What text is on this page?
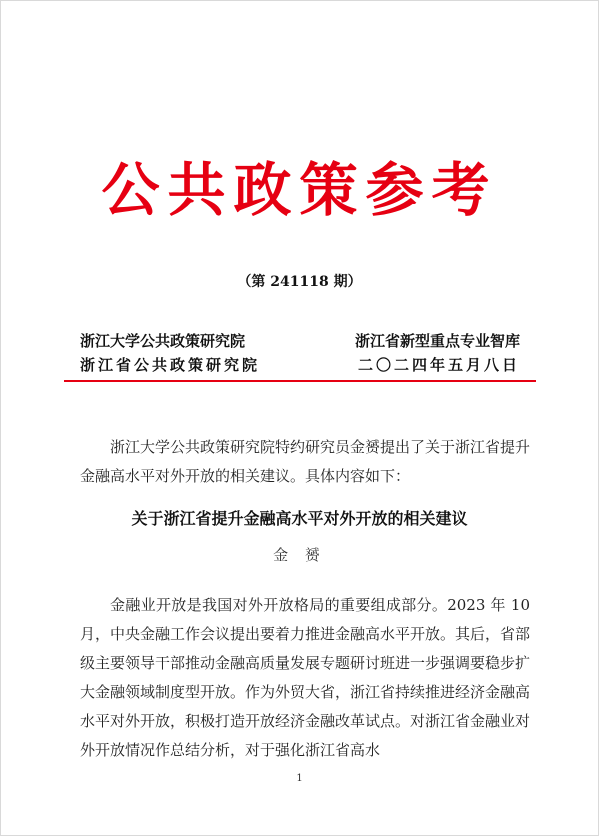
公共政策参考
（第 241118 期）
浙江大学公共政策研究院	浙江省新型重点专业智库
浙江省公共政策研究院	二〇二四年五月八日

浙江大学公共政策研究院特约研究员金赟提出了关于浙江省提升金融高水平对外开放的相关建议。具体内容如下：

关于浙江省提升金融高水平对外开放的相关建议
金 赟

金融业开放是我国对外开放格局的重要组成部分。2023 年 10 月，中央金融工作会议提出要着力推进金融高水平开放。其后，省部级主要领导干部推动金融高质量发展专题研讨班进一步强调要稳步扩大金融领域制度型开放。作为外贸大省，浙江省持续推进经济金融高水平对外开放，积极打造开放经济金融改革试点。对浙江省金融业对外开放情况作总结分析，对于强化浙江省高水

1
